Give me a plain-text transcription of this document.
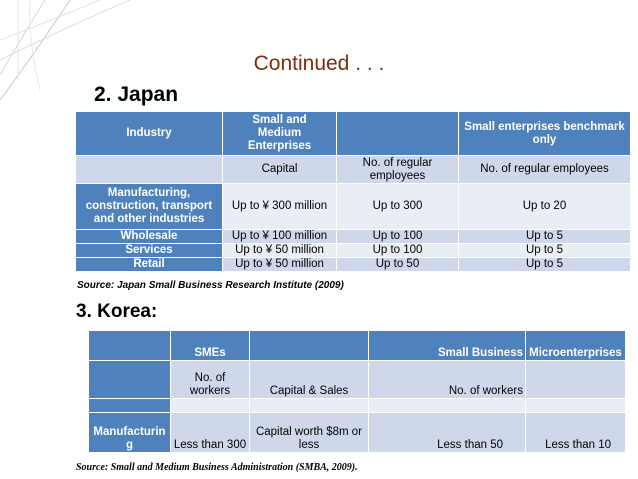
Continued . . .
2. Japan
Industry	Small and Medium Enterprises		Small enterprises benchmark only
	Capital	No. of regular employees	No. of regular employees
Manufacturing, construction, transport and other industries	Up to ¥ 300 million	Up to 300	Up to 20
Wholesale	Up to ¥ 100 million	Up to 100	Up to 5
Services	Up to ¥ 50 million	Up to 100	Up to 5
Retail	Up to ¥ 50 million	Up to 50	Up to 5
Source: Japan Small Business Research Institute (2009)
3. Korea:
	SMEs		Small Business	Microenterprises
	No. of workers	Capital & Sales	No. of workers	

Manufacturing	Less than 300	Capital worth $8m or less	Less than 50	Less than 10
Source: Small and Medium Business Administration (SMBA, 2009).
